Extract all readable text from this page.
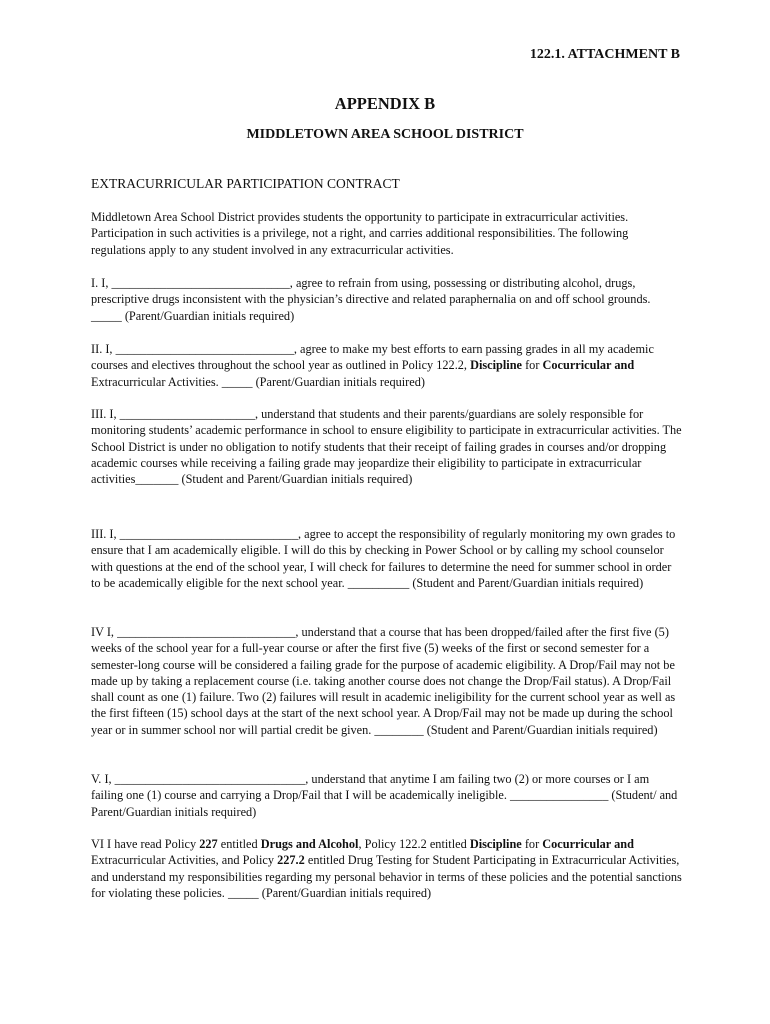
122.1. ATTACHMENT B
APPENDIX B
MIDDLETOWN AREA SCHOOL DISTRICT
EXTRACURRICULAR PARTICIPATION CONTRACT

Middletown Area School District provides students the opportunity to participate in extracurricular activities. Participation in such activities is a privilege, not a right, and carries additional responsibilities. The following regulations apply to any student involved in any extracurricular activities.

I. I, _____________________________, agree to refrain from using, possessing or distributing alcohol, drugs, prescriptive drugs inconsistent with the physician’s directive and related paraphernalia on and off school grounds. _____ (Parent/Guardian initials required)

II. I, _____________________________, agree to make my best efforts to earn passing grades in all my academic courses and electives throughout the school year as outlined in Policy 122.2, Discipline for Cocurricular and Extracurricular Activities. _____ (Parent/Guardian initials required)

III. I, ______________________, understand that students and their parents/guardians are solely responsible for monitoring students’ academic performance in school to ensure eligibility to participate in extracurricular activities. The School District is under no obligation to notify students that their receipt of failing grades in courses and/or dropping academic courses while receiving a failing grade may jeopardize their eligibility to participate in extracurricular activities_______ (Student and Parent/Guardian initials required)

III. I, _____________________________, agree to accept the responsibility of regularly monitoring my own grades to ensure that I am academically eligible. I will do this by checking in Power School or by calling my school counselor with questions at the end of the school year, I will check for failures to determine the need for summer school in order to be academically eligible for the next school year. __________ (Student and Parent/Guardian initials required)

IV I, _____________________________, understand that a course that has been dropped/failed after the first five (5) weeks of the school year for a full-year course or after the first five (5) weeks of the first or second semester for a semester-long course will be considered a failing grade for the purpose of academic eligibility. A Drop/Fail may not be made up by taking a replacement course (i.e. taking another course does not change the Drop/Fail status). A Drop/Fail shall count as one (1) failure. Two (2) failures will result in academic ineligibility for the current school year as well as the first fifteen (15) school days at the start of the next school year. A Drop/Fail may not be made up during the school year or in summer school nor will partial credit be given. ________ (Student and Parent/Guardian initials required)

V. I, _______________________________, understand that anytime I am failing two (2) or more courses or I am failing one (1) course and carrying a Drop/Fail that I will be academically ineligible. ________________ (Student/ and Parent/Guardian initials required)

VI I have read Policy 227 entitled Drugs and Alcohol, Policy 122.2 entitled Discipline for Cocurricular and Extracurricular Activities, and Policy 227.2 entitled Drug Testing for Student Participating in Extracurricular Activities, and understand my responsibilities regarding my personal behavior in terms of these policies and the potential sanctions for violating these policies. _____ (Parent/Guardian initials required)
